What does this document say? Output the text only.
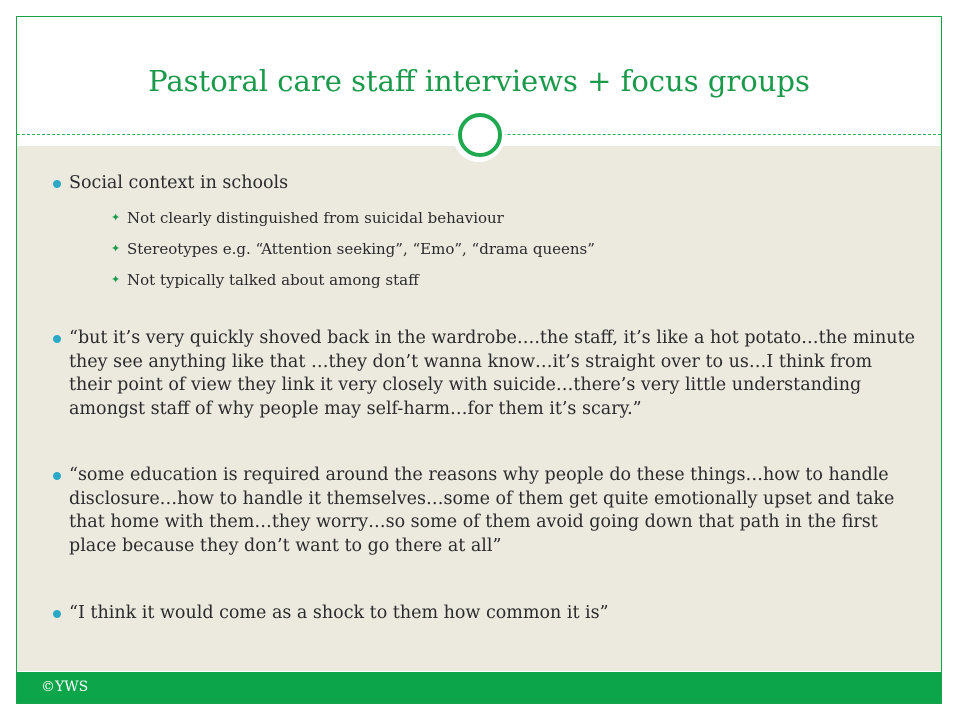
Pastoral care staff interviews + focus groups
Social context in schools
✦ Not clearly distinguished from suicidal behaviour
✦ Stereotypes e.g. “Attention seeking”, “Emo”, “drama queens”
✦ Not typically talked about among staff
“but it’s very quickly shoved back in the wardrobe….the staff, it’s like a hot potato…the minute they see anything like that …they don’t wanna know…it’s straight over to us…I think from their point of view they link it very closely with suicide…there’s very little understanding amongst staff of why people may self-harm…for them it’s scary.”
“some education is required around the reasons why people do these things…how to handle disclosure…how to handle it themselves…some of them get quite emotionally upset and take that home with them…they worry…so some of them avoid going down that path in the first place because they don’t want to go there at all”
“I think it would come as a shock to them how common it is”
©YWS
